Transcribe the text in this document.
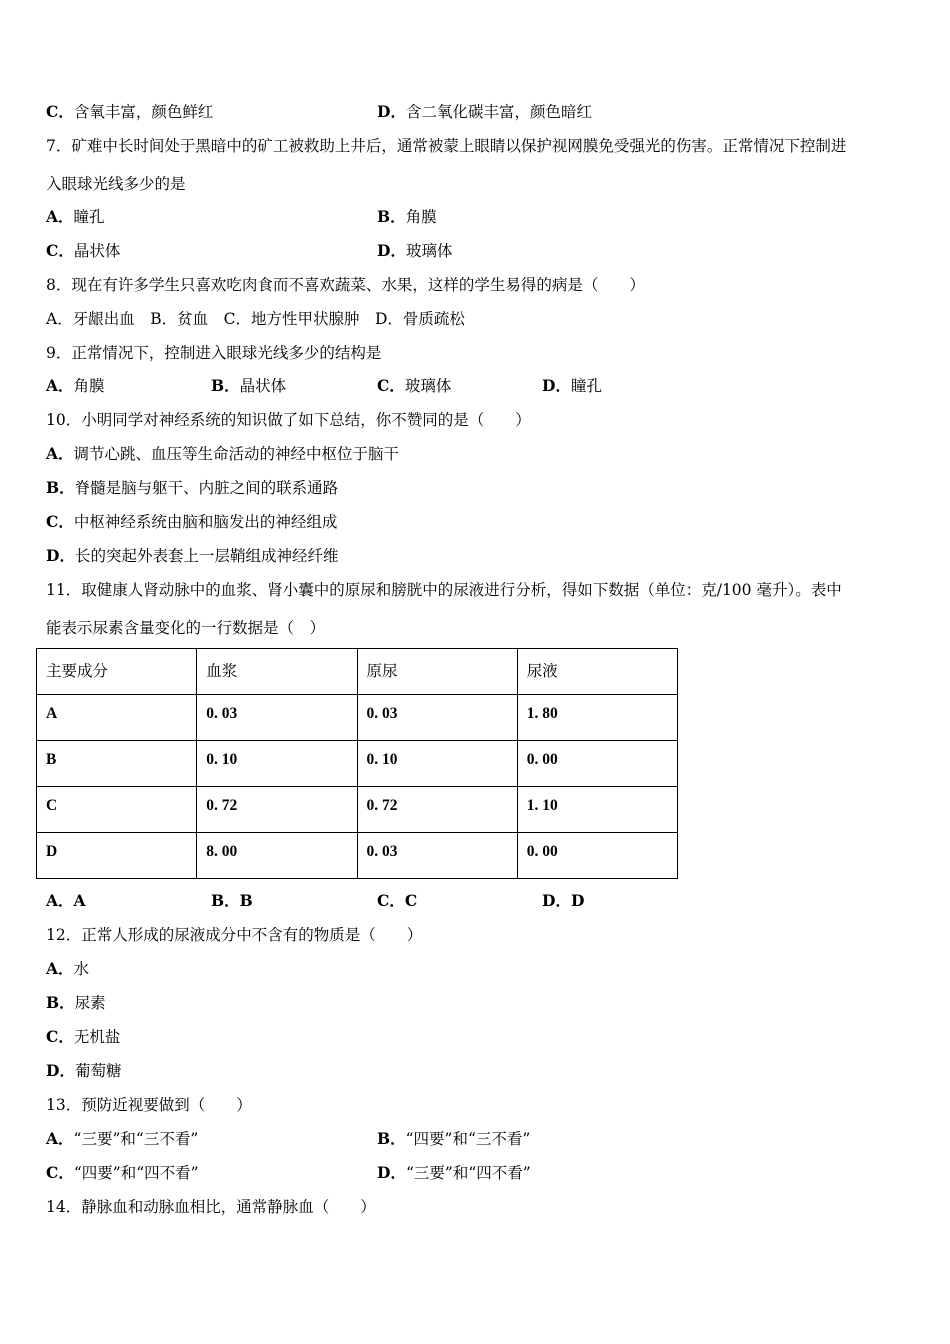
C．含氧丰富，颜色鲜红	D．含二氧化碳丰富，颜色暗红
7．矿难中长时间处于黑暗中的矿工被救助上井后，通常被蒙上眼睛以保护视网膜免受强光的伤害。正常情况下控制进
入眼球光线多少的是
A．瞳孔	B．角膜
C．晶状体	D．玻璃体
8．现在有许多学生只喜欢吃肉食而不喜欢蔬菜、水果，这样的学生易得的病是（　　）
A．牙龈出血　B．贫血　C．地方性甲状腺肿　D．骨质疏松
9．正常情况下，控制进入眼球光线多少的结构是
A．角膜	B．晶状体	C．玻璃体	D．瞳孔
10．小明同学对神经系统的知识做了如下总结，你不赞同的是（　　）
A．调节心跳、血压等生命活动的神经中枢位于脑干
B．脊髓是脑与躯干、内脏之间的联系通路
C．中枢神经系统由脑和脑发出的神经组成
D．长的突起外表套上一层鞘组成神经纤维
11．取健康人肾动脉中的血浆、肾小囊中的原尿和膀胱中的尿液进行分析，得如下数据（单位：克/100 毫升）。表中
能表示尿素含量变化的一行数据是（　）
主要成分	血浆	原尿	尿液
A	0. 03	0. 03	1. 80
B	0. 10	0. 10	0. 00
C	0. 72	0. 72	1. 10
D	8. 00	0. 03	0. 00
A．A	B．B	C．C	D．D
12．正常人形成的尿液成分中不含有的物质是（　　）
A．水
B．尿素
C．无机盐
D．葡萄糖
13．预防近视要做到（　　）
A．“三要”和“三不看”	B．“四要”和“三不看”
C．“四要”和“四不看”	D．“三要”和“四不看”
14．静脉血和动脉血相比，通常静脉血（　　）
